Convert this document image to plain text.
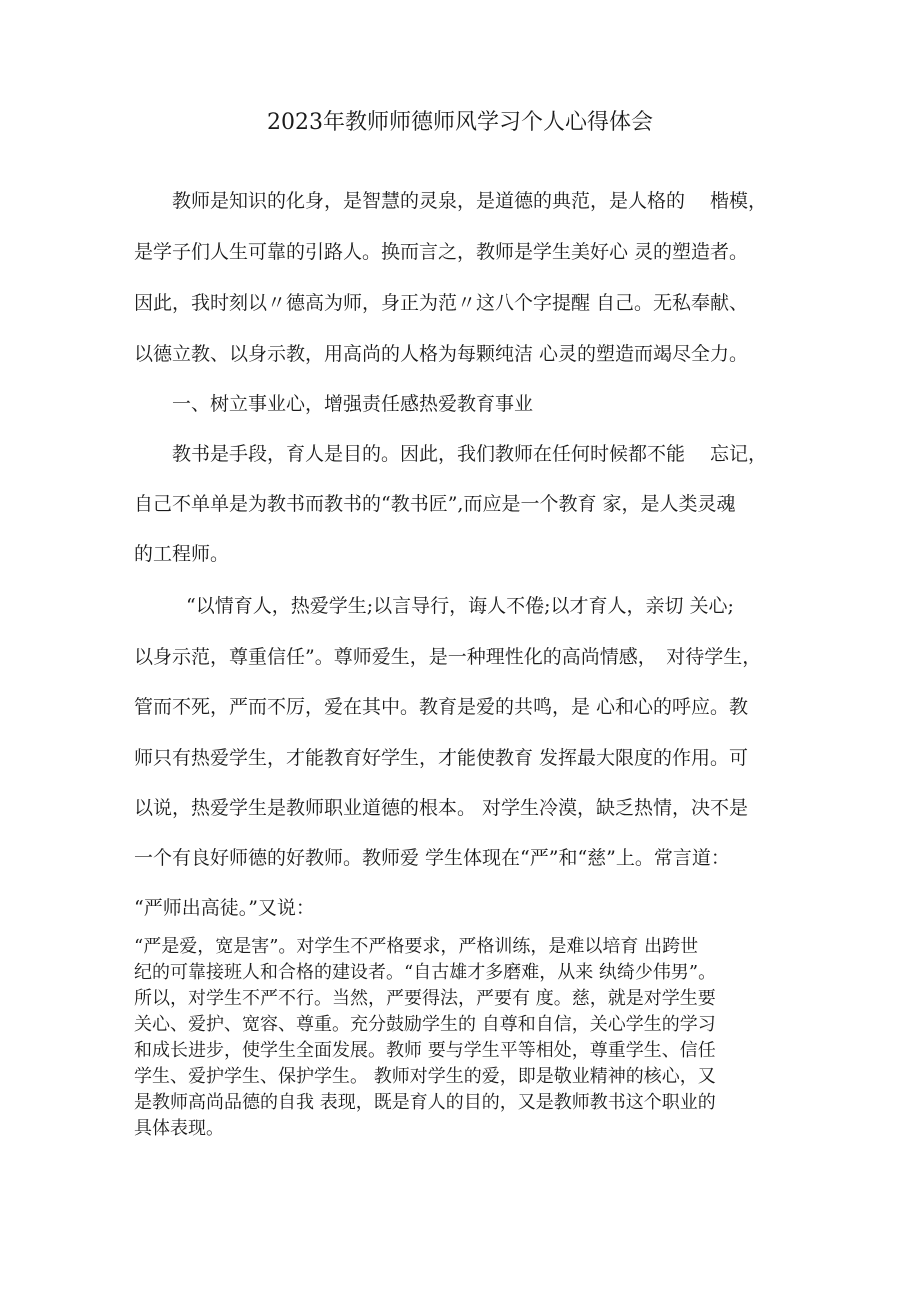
2023年教师师德师风学习个人心得体会
教师是知识的化身，是智慧的灵泉，是道德的典范，是人格的　 楷模，
是学子们人生可靠的引路人。换而言之，教师是学生美好心 灵的塑造者。
因此，我时刻以〃德高为师，身正为范〃这八个字提醒 自己。无私奉献、
以德立教、以身示教，用高尚的人格为每颗纯洁 心灵的塑造而竭尽全力。
一、树立事业心，增强责任感热爱教育事业
教书是手段，育人是目的。因此，我们教师在任何时候都不能　 忘记，
自己不单单是为教书而教书的“教书匠”,而应是一个教育 家，是人类灵魂
的工程师。
“以情育人，热爱学生;以言导行，诲人不倦;以才育人，亲切 关心;
以身示范，尊重信任”。尊师爱生，是一种理性化的高尚情感，　对待学生，
管而不死，严而不厉，爱在其中。教育是爱的共鸣，是 心和心的呼应。教
师只有热爱学生，才能教育好学生，才能使教育 发挥最大限度的作用。可
以说，热爱学生是教师职业道德的根本。 对学生冷漠，缺乏热情，决不是
一个有良好师德的好教师。教师爱 学生体现在“严”和“慈”上。常言道：
“严师出高徒。”又说：
“严是爱，宽是害”。对学生不严格要求，严格训练，是难以培育 出跨世
纪的可靠接班人和合格的建设者。“自古雄才多磨难，从来 纨绮少伟男”。
所以，对学生不严不行。当然，严要得法，严要有 度。慈，就是对学生要
关心、爱护、宽容、尊重。充分鼓励学生的 自尊和自信，关心学生的学习
和成长进步，使学生全面发展。教师 要与学生平等相处，尊重学生、信任
学生、爱护学生、保护学生。 教师对学生的爱，即是敬业精神的核心，又
是教师高尚品德的自我 表现，既是育人的目的，又是教师教书这个职业的
具体表现。
